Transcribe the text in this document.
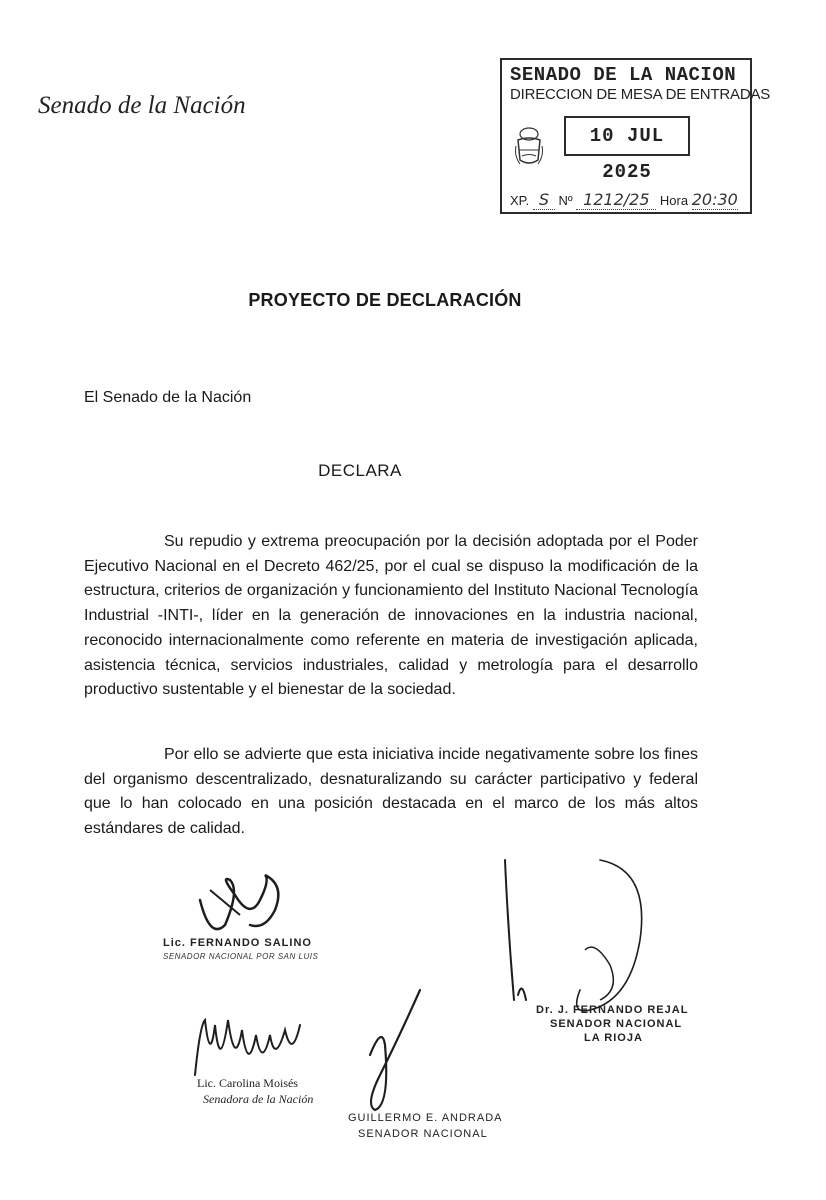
Senado de la Nación
SENADO DE LA NACION
DIRECCION DE MESA DE ENTRADAS
10 JUL 2025
XP. S Nº 1212/25 Hora 20:30
PROYECTO DE DECLARACIÓN
El Senado de la Nación
DECLARA
Su repudio y extrema preocupación por la decisión adoptada por el Poder Ejecutivo Nacional en el Decreto 462/25, por el cual se dispuso la modificación de la estructura, criterios de organización y funcionamiento del Instituto Nacional Tecnología Industrial -INTI-, líder en la generación de innovaciones en la industria nacional, reconocido internacionalmente como referente en materia de investigación aplicada, asistencia técnica, servicios industriales, calidad y metrología para el desarrollo productivo sustentable y el bienestar de la sociedad.
Por ello se advierte que esta iniciativa incide negativamente sobre los fines del organismo descentralizado, desnaturalizando su carácter participativo y federal que lo han colocado en una posición destacada en el marco de los más altos estándares de calidad.
Lic. FERNANDO SALINO
SENADOR NACIONAL POR SAN LUIS
Dr. J. FERNANDO REJAL
SENADOR NACIONAL
LA RIOJA
Lic. Carolina Moisés
Senadora de la Nación
GUILLERMO E. ANDRADA
SENADOR NACIONAL
